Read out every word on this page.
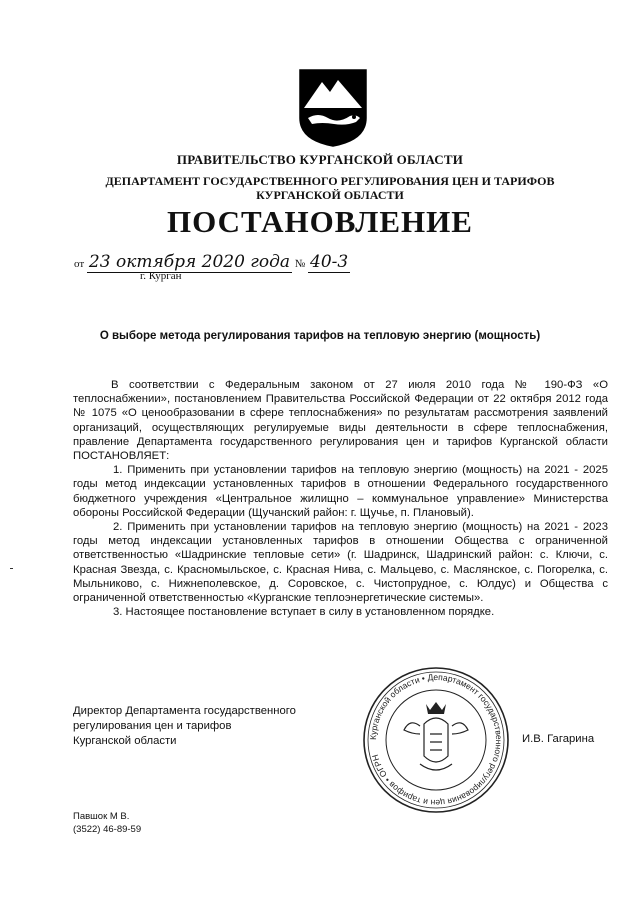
ПРАВИТЕЛЬСТВО КУРГАНСКОЙ ОБЛАСТИ
ДЕПАРТАМЕНТ ГОСУДАРСТВЕННОГО РЕГУЛИРОВАНИЯ ЦЕН И ТАРИФОВ
КУРГАНСКОЙ ОБЛАСТИ
ПОСТАНОВЛЕНИЕ
от 23 октября 2020 года № 40-3
г. Курган
О выборе метода регулирования тарифов на тепловую энергию (мощность)

В соответствии с Федеральным законом от 27 июля 2010 года № 190-ФЗ «О теплоснабжении», постановлением Правительства Российской Федерации от 22 октября 2012 года № 1075 «О ценообразовании в сфере теплоснабжения» по результатам рассмотрения заявлений организаций, осуществляющих регулируемые виды деятельности в сфере теплоснабжения, правление Департамента государственного регулирования цен и тарифов Курганской области ПОСТАНОВЛЯЕТ:

1. Применить при установлении тарифов на тепловую энергию (мощность) на 2021 - 2025 годы метод индексации установленных тарифов в отношении Федерального государственного бюджетного учреждения «Центральное жилищно – коммунальное управление» Министерства обороны Российской Федерации (Щучанский район: г. Щучье, п. Плановый).

2. Применить при установлении тарифов на тепловую энергию (мощность) на 2021 - 2023 годы метод индексации установленных тарифов в отношении Общества с ограниченной ответственностью «Шадринские тепловые сети» (г. Шадринск, Шадринский район: с. Ключи, с. Красная Звезда, с. Красномыльское, с. Красная Нива, с. Мальцево, с. Маслянское, с. Погорелка, с. Мыльниково, с. Нижнеполевское, д. Соровское, с. Чистопрудное, с. Юлдус) и Общества с ограниченной ответственностью «Курганские теплоэнергетические системы».

3. Настоящее постановление вступает в силу в установленном порядке.

Директор Департамента государственного
регулирования цен и тарифов
Курганской области	Курганской области • Департамент государственного регулирования цен и тарифов • ОГРН
И.В. Гагарина
Павшок М В.
(3522) 46-89-59
